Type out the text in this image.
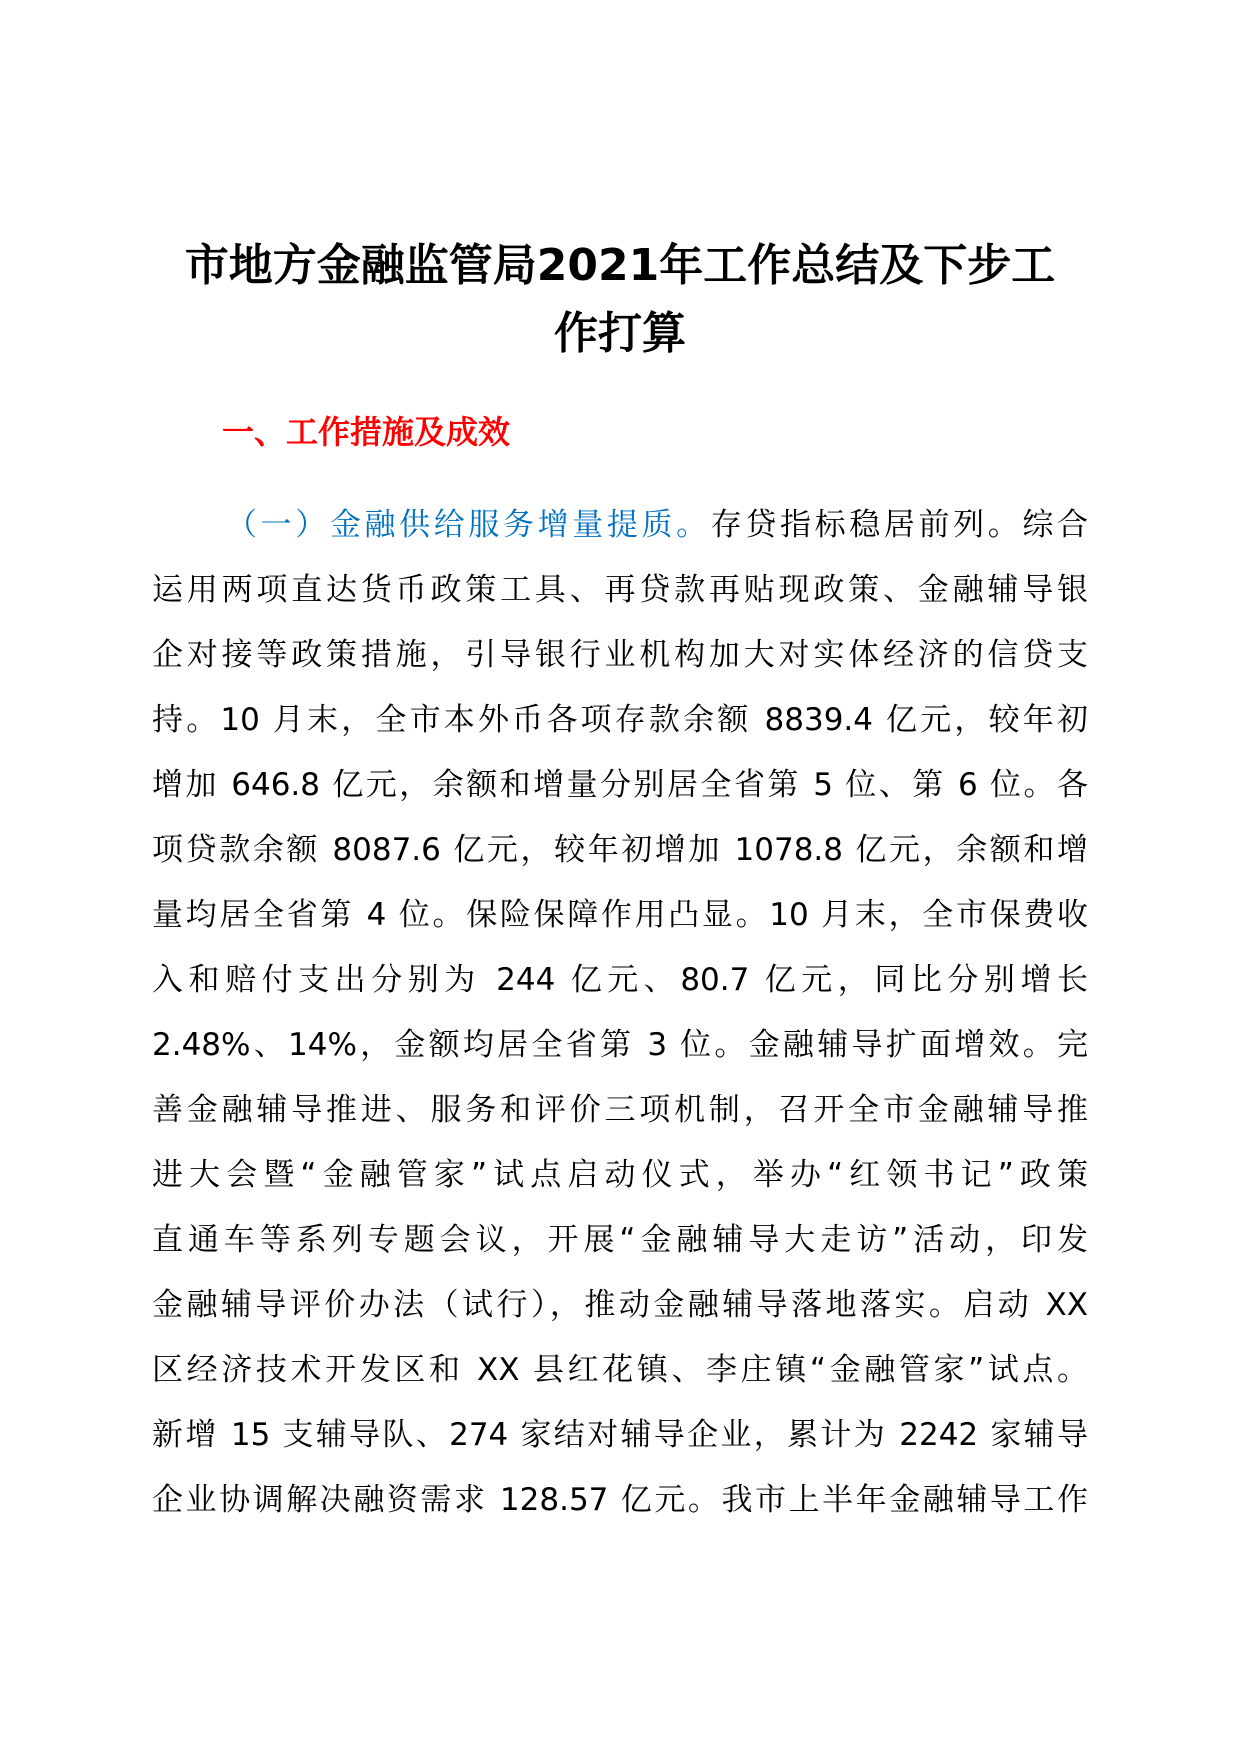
市地方金融监管局2021年工作总结及下步工
作打算
一、工作措施及成效
（一）金融供给服务增量提质。存贷指标稳居前列。综合
运用两项直达货币政策工具、再贷款再贴现政策、金融辅导银
企对接等政策措施，引导银行业机构加大对实体经济的信贷支
持。10 月末，全市本外币各项存款余额 8839.4 亿元，较年初
增加 646.8 亿元，余额和增量分别居全省第 5 位、第 6 位。各
项贷款余额 8087.6 亿元，较年初增加 1078.8 亿元，余额和增
量均居全省第 4 位。保险保障作用凸显。10 月末，全市保费收
入和赔付支出分别为 244 亿元、80.7 亿元，同比分别增长
2.48%、14%，金额均居全省第 3 位。金融辅导扩面增效。完
善金融辅导推进、服务和评价三项机制，召开全市金融辅导推
进大会暨“金融管家”试点启动仪式，举办“红领书记”政策
直通车等系列专题会议，开展“金融辅导大走访”活动，印发
金融辅导评价办法（试行），推动金融辅导落地落实。启动 XX
区经济技术开发区和 XX 县红花镇、李庄镇“金融管家”试点。
新增 15 支辅导队、274 家结对辅导企业，累计为 2242 家辅导
企业协调解决融资需求 128.57 亿元。我市上半年金融辅导工作
